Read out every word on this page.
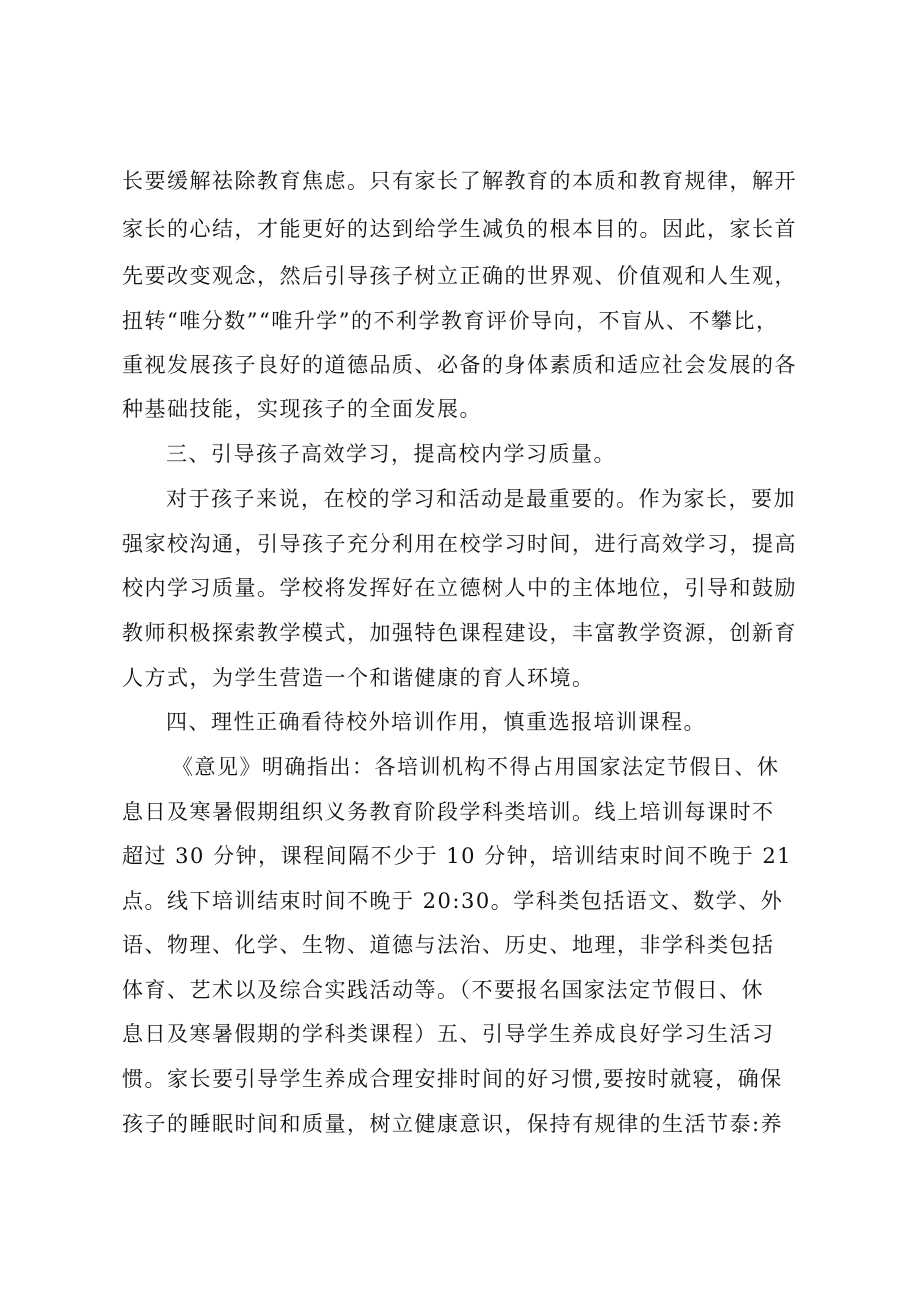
长要缓解祛除教育焦虑。只有家长了解教育的本质和教育规律，解开
家长的心结，才能更好的达到给学生减负的根本目的。因此，家长首
先要改变观念，然后引导孩子树立正确的世界观、价值观和人生观，
扭转“唯分数”“唯升学”的不利学教育评价导向，不盲从、不攀比，
重视发展孩子良好的道德品质、必备的身体素质和适应社会发展的各
种基础技能，实现孩子的全面发展。
三、引导孩子高效学习，提高校内学习质量。
对于孩子来说，在校的学习和活动是最重要的。作为家长，要加
强家校沟通，引导孩子充分利用在校学习时间，进行高效学习，提高
校内学习质量。学校将发挥好在立德树人中的主体地位，引导和鼓励
教师积极探索教学模式，加强特色课程建设，丰富教学资源，创新育
人方式，为学生营造一个和谐健康的育人环境。
四、理性正确看待校外培训作用，慎重选报培训课程。
《意见》明确指出：各培训机构不得占用国家法定节假日、休
息日及寒暑假期组织义务教育阶段学科类培训。线上培训每课时不
超过 30 分钟，课程间隔不少于 10 分钟，培训结束时间不晚于 21
点。线下培训结束时间不晚于 20:30。学科类包括语文、数学、外
语、物理、化学、生物、道德与法治、历史、地理，非学科类包括
体育、艺术以及综合实践活动等。（不要报名国家法定节假日、休
息日及寒暑假期的学科类课程）五、引导学生养成良好学习生活习
惯。家长要引导学生养成合理安排时间的好习惯,要按时就寝，确保
孩子的睡眠时间和质量，树立健康意识，保持有规律的生活节泰:养
